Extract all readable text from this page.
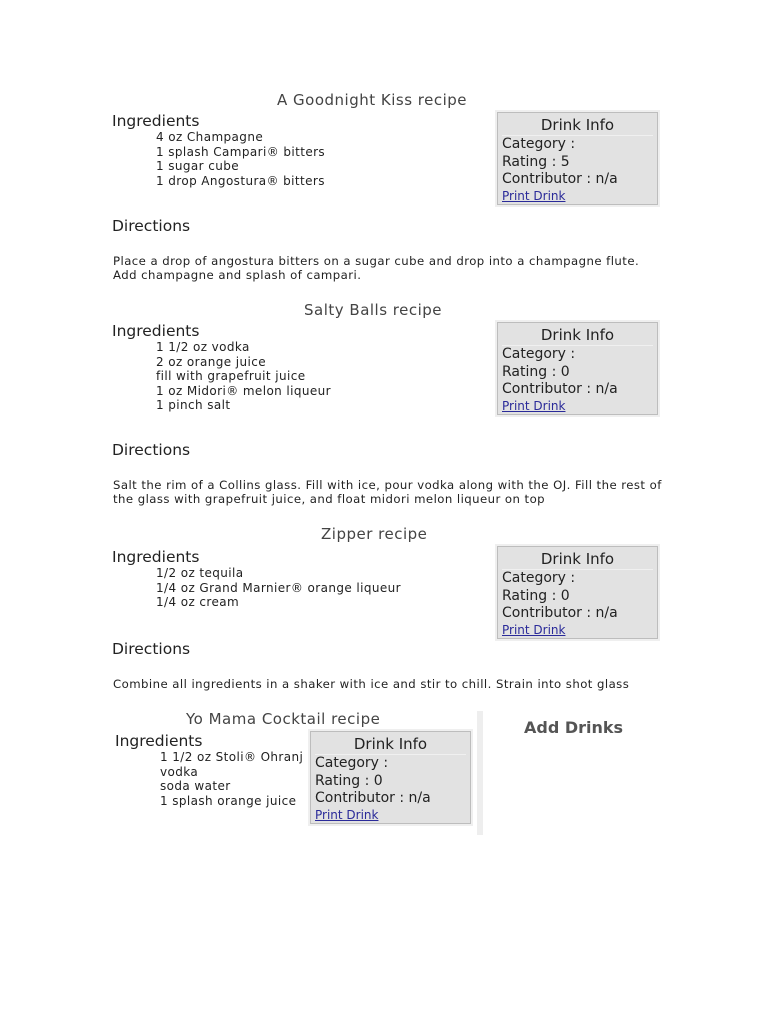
A Goodnight Kiss recipe
Ingredients
4 oz Champagne
1 splash Campari® bitters
1 sugar cube
1 drop Angostura® bitters
Drink Info
Category :
Rating : 5
Contributor : n/a
Print Drink
Directions
Place a drop of angostura bitters on a sugar cube and drop into a champagne flute. Add champagne and splash of campari.
Salty Balls recipe
Ingredients
1 1/2 oz vodka
2 oz orange juice
fill with grapefruit juice
1 oz Midori® melon liqueur
1 pinch salt
Drink Info
Category :
Rating : 0
Contributor : n/a
Print Drink
Directions
Salt the rim of a Collins glass. Fill with ice, pour vodka along with the OJ. Fill the rest of the glass with grapefruit juice, and float midori melon liqueur on top
Zipper recipe
Ingredients
1/2 oz tequila
1/4 oz Grand Marnier® orange liqueur
1/4 oz cream
Drink Info
Category :
Rating : 0
Contributor : n/a
Print Drink
Directions
Combine all ingredients in a shaker with ice and stir to chill. Strain into shot glass
Yo Mama Cocktail recipe
Ingredients
1 1/2 oz Stoli® Ohranj vodka
soda water
1 splash orange juice
Drink Info
Category :
Rating : 0
Contributor : n/a
Print Drink
Add Drinks
